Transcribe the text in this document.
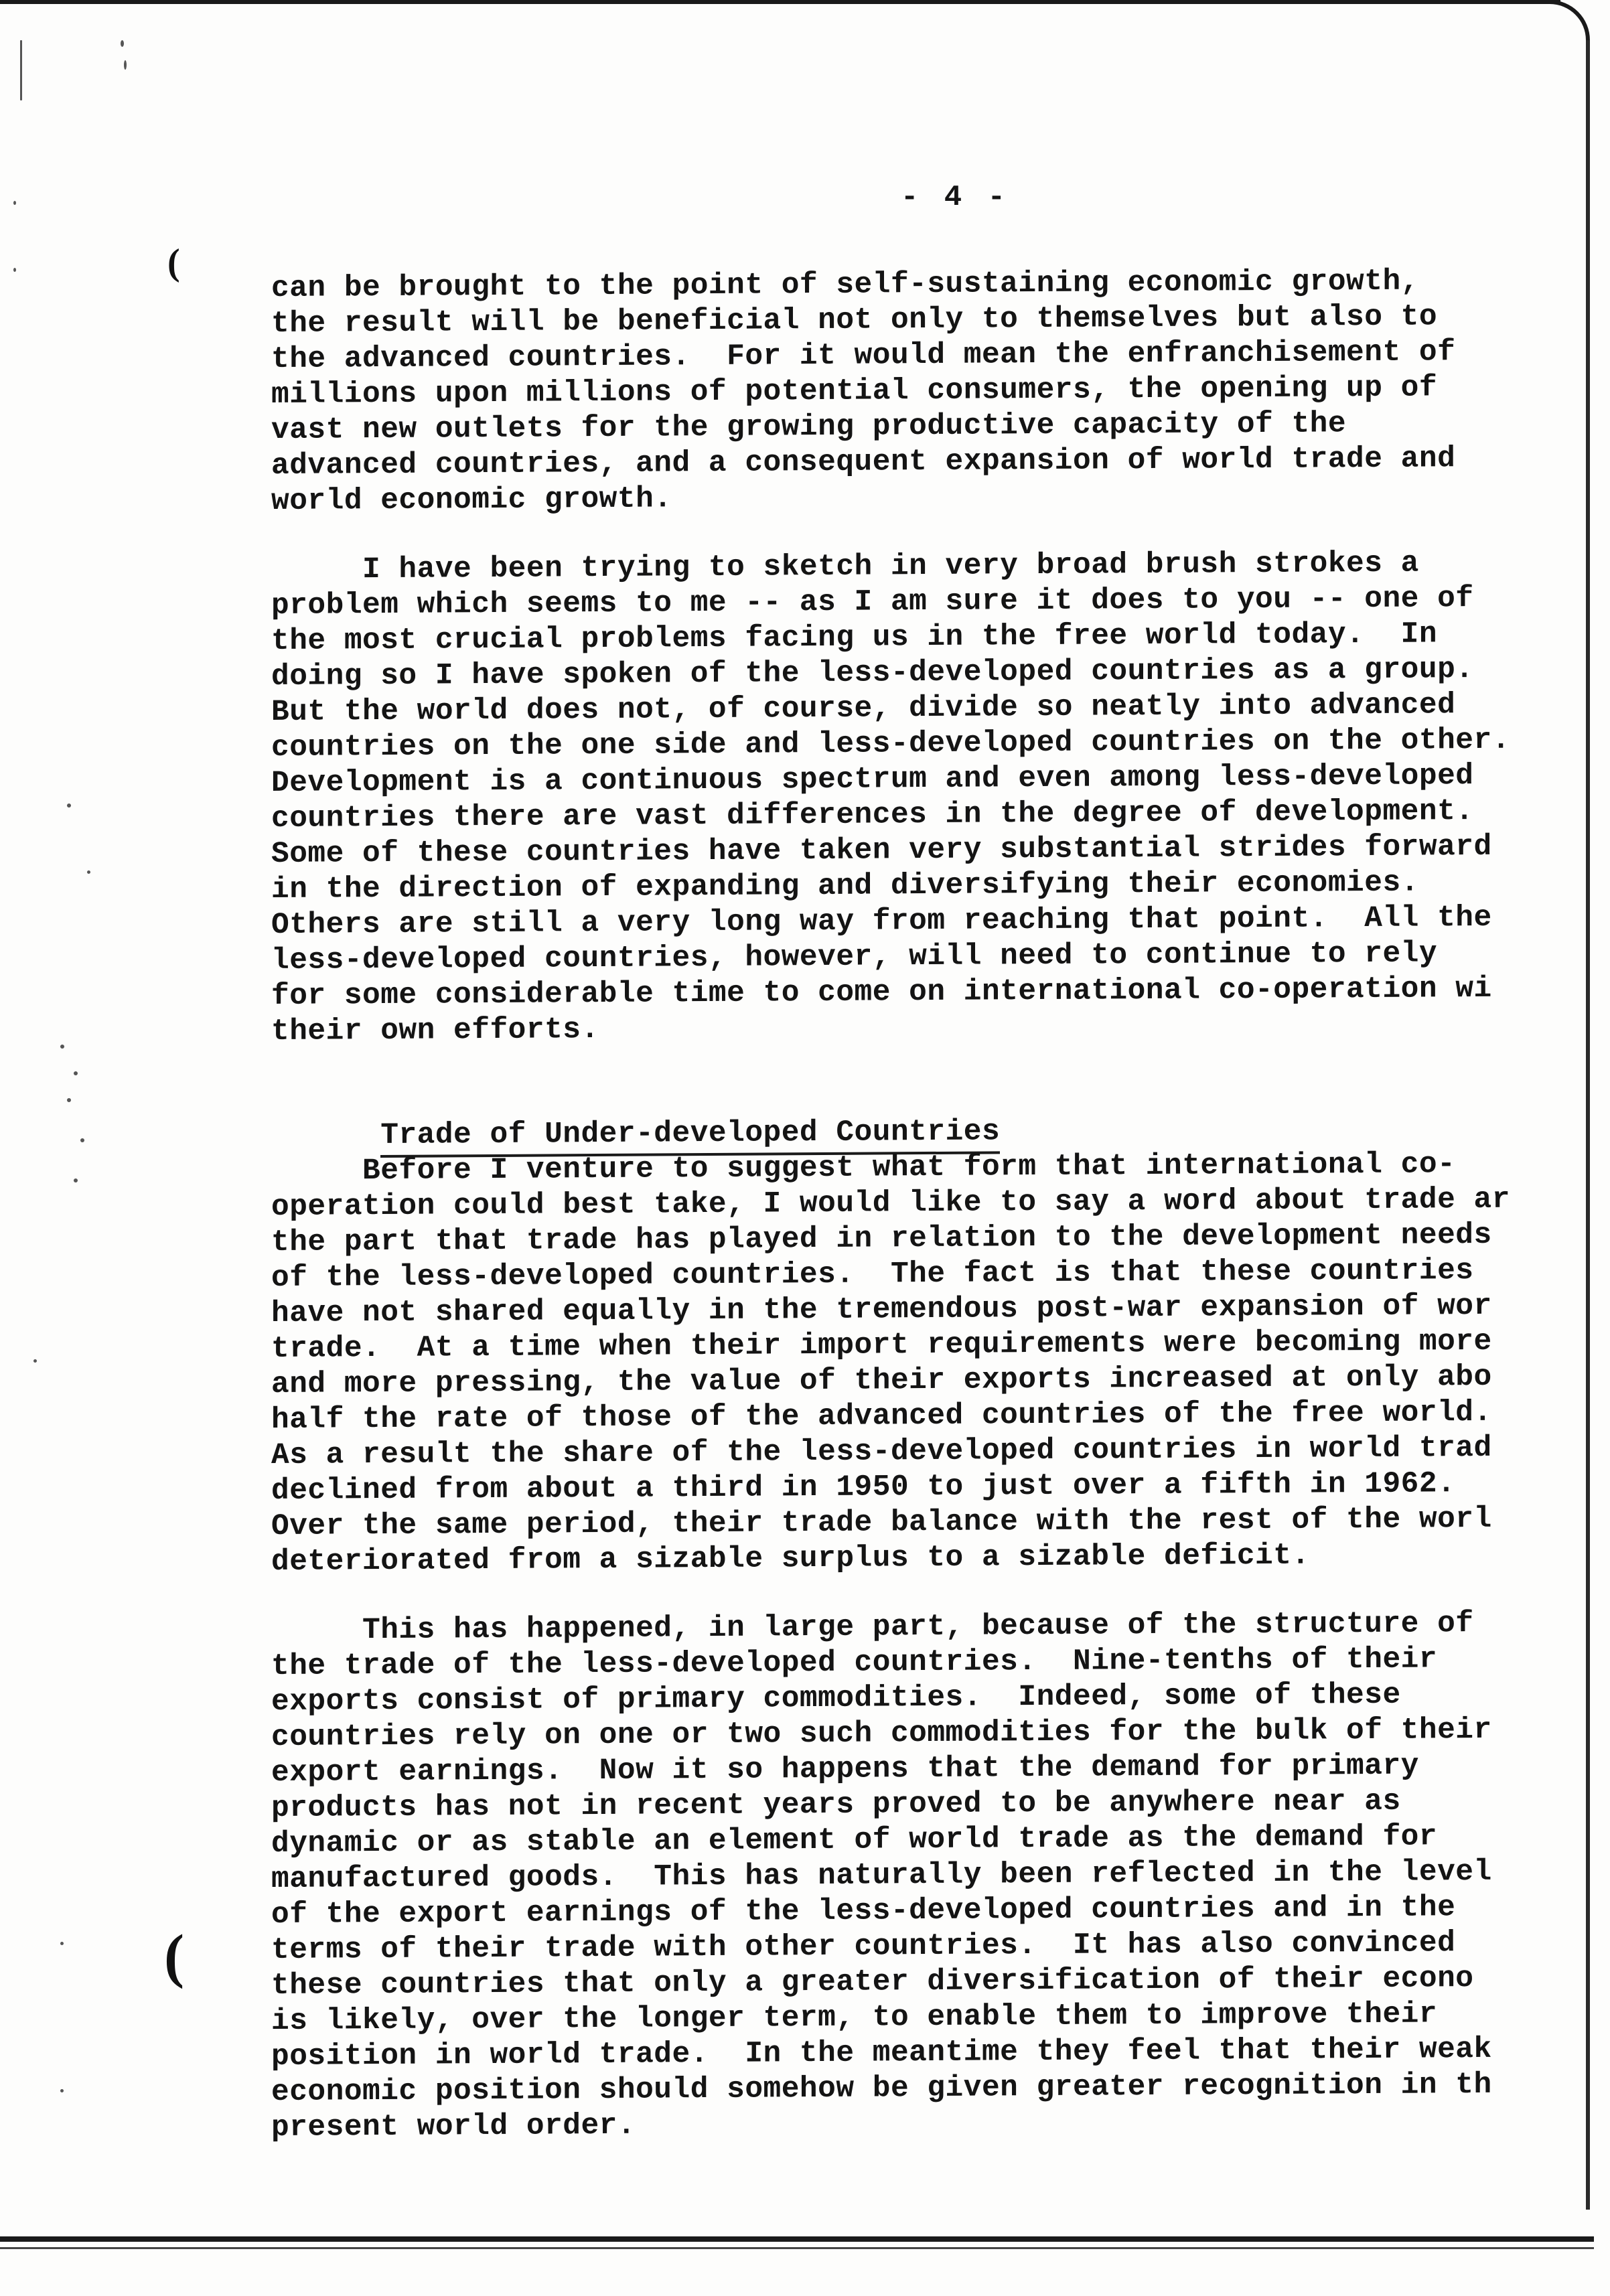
(
(
- 4 -
can be brought to the point of self-sustaining economic growth,
the result will be beneficial not only to themselves but also to
the advanced countries.  For it would mean the enfranchisement of
millions upon millions of potential consumers, the opening up of
vast new outlets for the growing productive capacity of the
advanced countries, and a consequent expansion of world trade and
world economic growth.
I have been trying to sketch in very broad brush strokes a
problem which seems to me -- as I am sure it does to you -- one of
the most crucial problems facing us in the free world today.  In
doing so I have spoken of the less-developed countries as a group.
But the world does not, of course, divide so neatly into advanced
countries on the one side and less-developed countries on the other.
Development is a continuous spectrum and even among less-developed
countries there are vast differences in the degree of development.
Some of these countries have taken very substantial strides forward
in the direction of expanding and diversifying their economies.
Others are still a very long way from reaching that point.  All the
less-developed countries, however, will need to continue to rely
for some considerable time to come on international co-operation wi
their own efforts.

Trade of Under-developed Countries

Before I venture to suggest what form that international co-
operation could best take, I would like to say a word about trade ar
the part that trade has played in relation to the development needs
of the less-developed countries.  The fact is that these countries
have not shared equally in the tremendous post-war expansion of wor
trade.  At a time when their import requirements were becoming more
and more pressing, the value of their exports increased at only abo
half the rate of those of the advanced countries of the free world.
As a result the share of the less-developed countries in world trad
declined from about a third in 1950 to just over a fifth in 1962.
Over the same period, their trade balance with the rest of the worl
deteriorated from a sizable surplus to a sizable deficit.
This has happened, in large part, because of the structure of
the trade of the less-developed countries.  Nine-tenths of their
exports consist of primary commodities.  Indeed, some of these
countries rely on one or two such commodities for the bulk of their
export earnings.  Now it so happens that the demand for primary
products has not in recent years proved to be anywhere near as
dynamic or as stable an element of world trade as the demand for
manufactured goods.  This has naturally been reflected in the level
of the export earnings of the less-developed countries and in the
terms of their trade with other countries.  It has also convinced
these countries that only a greater diversification of their econo
is likely, over the longer term, to enable them to improve their
position in world trade.  In the meantime they feel that their weak
economic position should somehow be given greater recognition in th
present world order.
